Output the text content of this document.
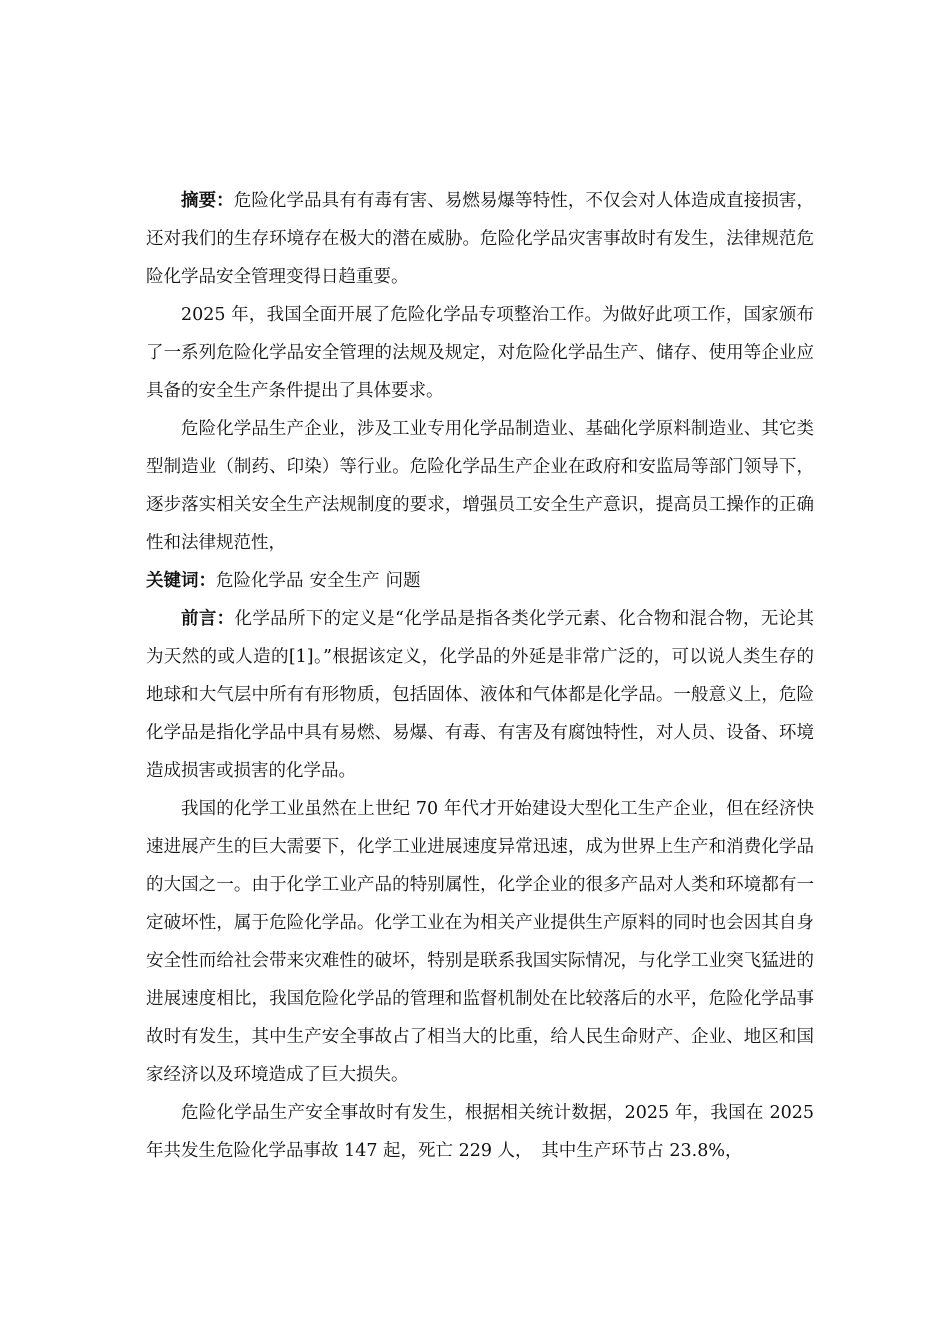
摘要：危险化学品具有有毒有害、易燃易爆等特性，不仅会对人体造成直接损害，还对我们的生存环境存在极大的潜在威胁。危险化学品灾害事故时有发生，法律规范危险化学品安全管理变得日趋重要。

2025 年，我国全面开展了危险化学品专项整治工作。为做好此项工作，国家颁布了一系列危险化学品安全管理的法规及规定，对危险化学品生产、储存、使用等企业应具备的安全生产条件提出了具体要求。

危险化学品生产企业，涉及工业专用化学品制造业、基础化学原料制造业、其它类型制造业（制药、印染）等行业。危险化学品生产企业在政府和安监局等部门领导下，逐步落实相关安全生产法规制度的要求，增强员工安全生产意识，提高员工操作的正确性和法律规范性，

关键词：危险化学品 安全生产 问题

前言：化学品所下的定义是“化学品是指各类化学元素、化合物和混合物，无论其为天然的或人造的[1]。”根据该定义，化学品的外延是非常广泛的，可以说人类生存的地球和大气层中所有有形物质，包括固体、液体和气体都是化学品。一般意义上，危险化学品是指化学品中具有易燃、易爆、有毒、有害及有腐蚀特性，对人员、设备、环境造成损害或损害的化学品。

我国的化学工业虽然在上世纪 70 年代才开始建设大型化工生产企业，但在经济快速进展产生的巨大需要下，化学工业进展速度异常迅速，成为世界上生产和消费化学品的大国之一。由于化学工业产品的特别属性，化学企业的很多产品对人类和环境都有一定破坏性，属于危险化学品。化学工业在为相关产业提供生产原料的同时也会因其自身安全性而给社会带来灾难性的破坏，特别是联系我国实际情况，与化学工业突飞猛进的进展速度相比，我国危险化学品的管理和监督机制处在比较落后的水平，危险化学品事故时有发生，其中生产安全事故占了相当大的比重，给人民生命财产、企业、地区和国家经济以及环境造成了巨大损失。

危险化学品生产安全事故时有发生，根据相关统计数据，2025 年，我国在 2025 年共发生危险化学品事故 147 起，死亡 229 人，　其中生产环节占 23.8%，
